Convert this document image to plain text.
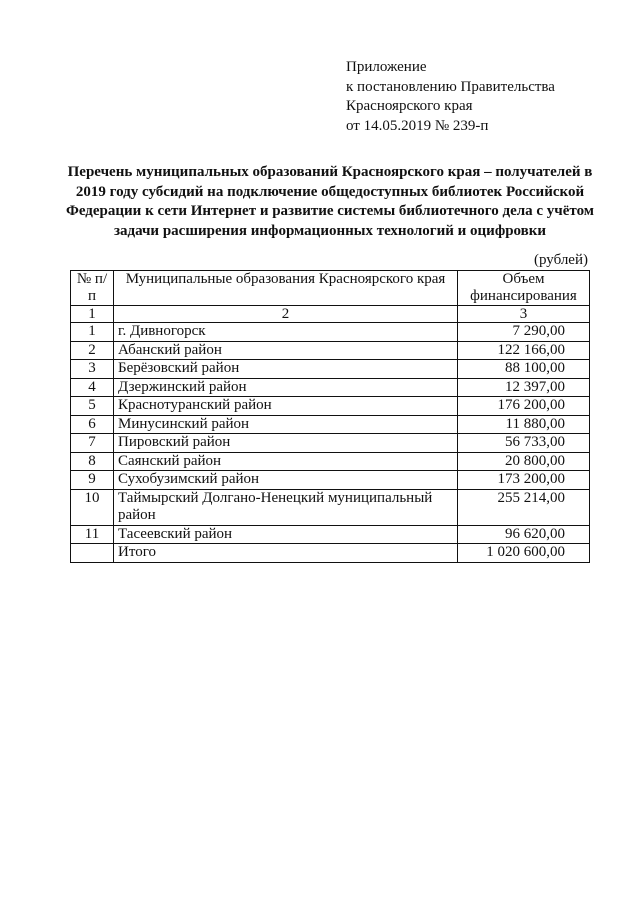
Приложение
к постановлению Правительства
Красноярского края
от 14.05.2019 № 239-п
Перечень муниципальных образований Красноярского края – получателей в 2019 году субсидий на подключение общедоступных библиотек Российской Федерации к сети Интернет и развитие системы библиотечного дела с учётом задачи расширения информационных технологий и оцифровки
(рублей)
№ п/п	Муниципальные образования Красноярского края	Объем финансирования
1	2	3
1	г. Дивногорск	7 290,00
2	Абанский район	122 166,00
3	Берёзовский район	88 100,00
4	Дзержинский район	12 397,00
5	Краснотуранский район	176 200,00
6	Минусинский район	11 880,00
7	Пировский район	56 733,00
8	Саянский район	20 800,00
9	Сухобузимский район	173 200,00
10	Таймырский Долгано-Ненецкий муниципальный район	255 214,00
11	Тасеевский район	96 620,00
	Итого	1 020 600,00
